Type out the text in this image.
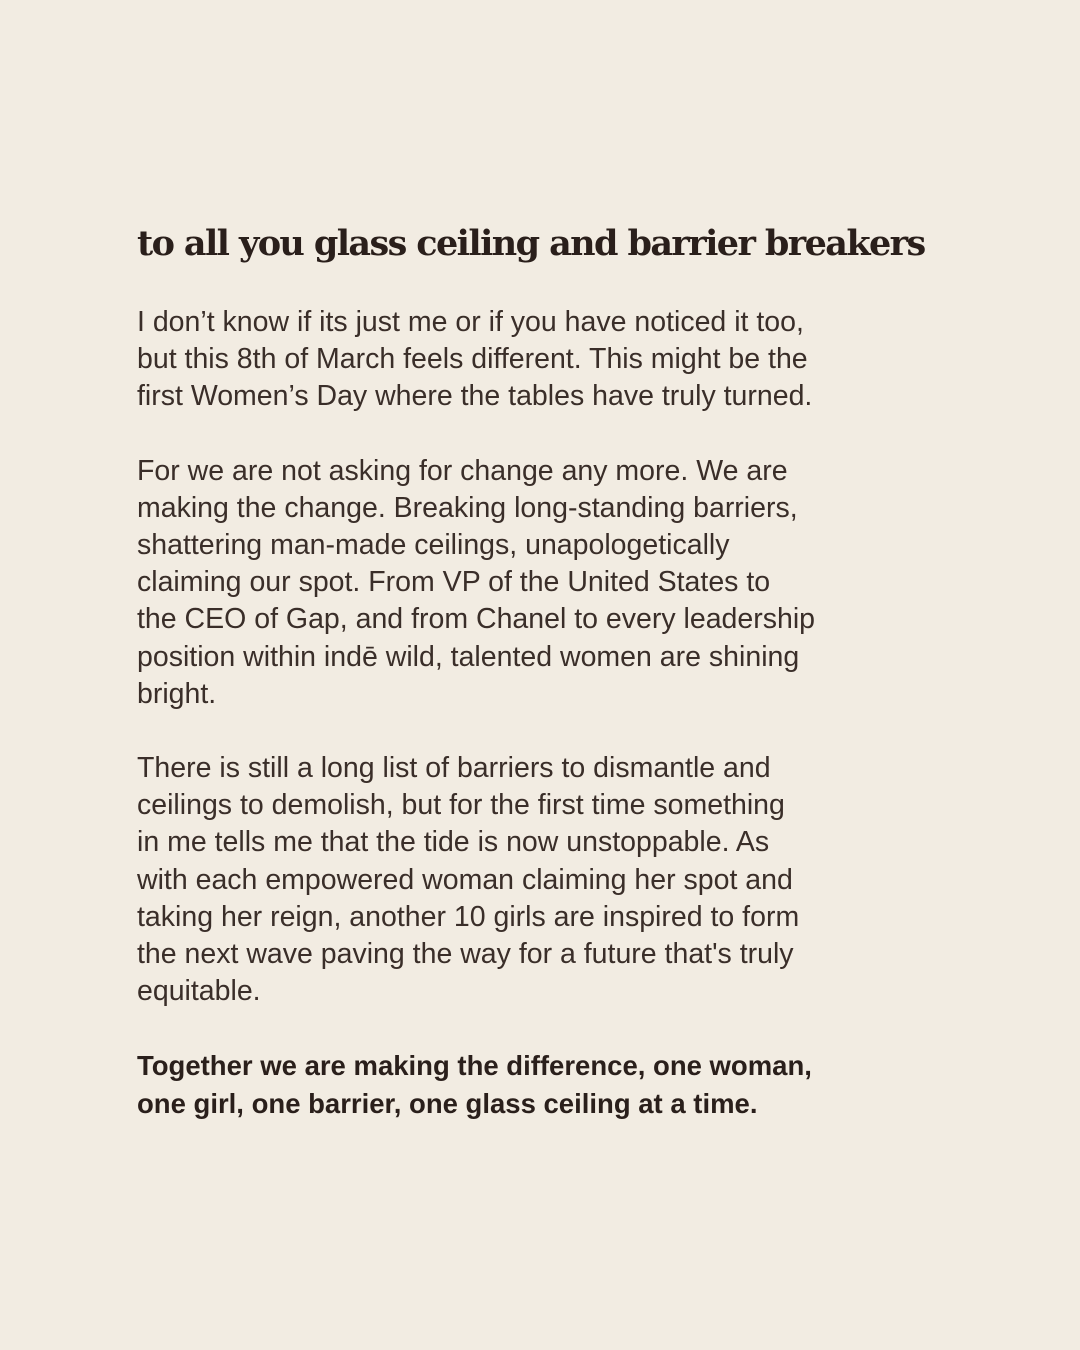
to all you glass ceiling and barrier breakers

I don’t know if its just me or if you have noticed it too,
but this 8th of March feels different. This might be the
first Women’s Day where the tables have truly turned.

For we are not asking for change any more. We are
making the change. Breaking long-standing barriers,
shattering man-made ceilings, unapologetically
claiming our spot. From VP of the United States to
the CEO of Gap, and from Chanel to every leadership
position within indē wild, talented women are shining
bright.

There is still a long list of barriers to dismantle and
ceilings to demolish, but for the first time something
in me tells me that the tide is now unstoppable. As
with each empowered woman claiming her spot and
taking her reign, another 10 girls are inspired to form
the next wave paving the way for a future that's truly
equitable.

Together we are making the difference, one woman,
one girl, one barrier, one glass ceiling at a time.
